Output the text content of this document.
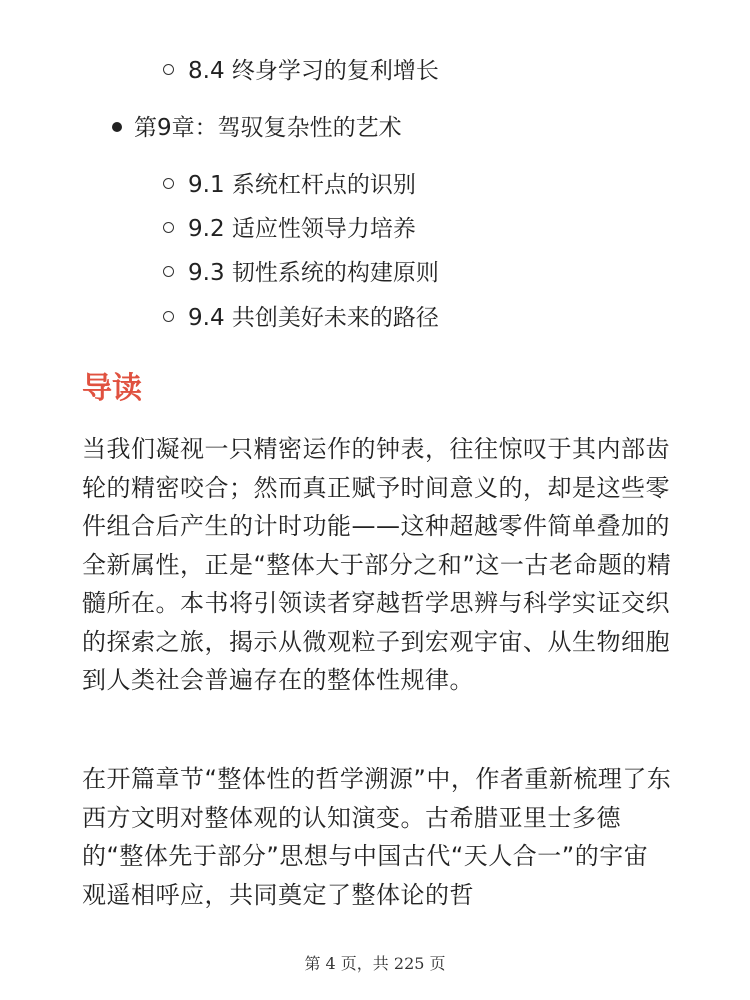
8.4 终身学习的复利增长
第9章：驾驭复杂性的艺术
9.1 系统杠杆点的识别
9.2 适应性领导力培养
9.3 韧性系统的构建原则
9.4 共创美好未来的路径
导读
当我们凝视一只精密运作的钟表，往往惊叹于其内部齿轮的精密咬合；然而真正赋予时间意义的，却是这些零件组合后产生的计时功能——这种超越零件简单叠加的全新属性，正是“整体大于部分之和”这一古老命题的精髓所在。本书将引领读者穿越哲学思辨与科学实证交织的探索之旅，揭示从微观粒子到宏观宇宙、从生物细胞到人类社会普遍存在的整体性规律。
在开篇章节“整体性的哲学溯源”中，作者重新梳理了东西方文明对整体观的认知演变。古希腊亚里士多德的“整体先于部分”思想与中国古代“天人合一”的宇宙观遥相呼应，共同奠定了整体论的哲
第 4 页，共 225 页
